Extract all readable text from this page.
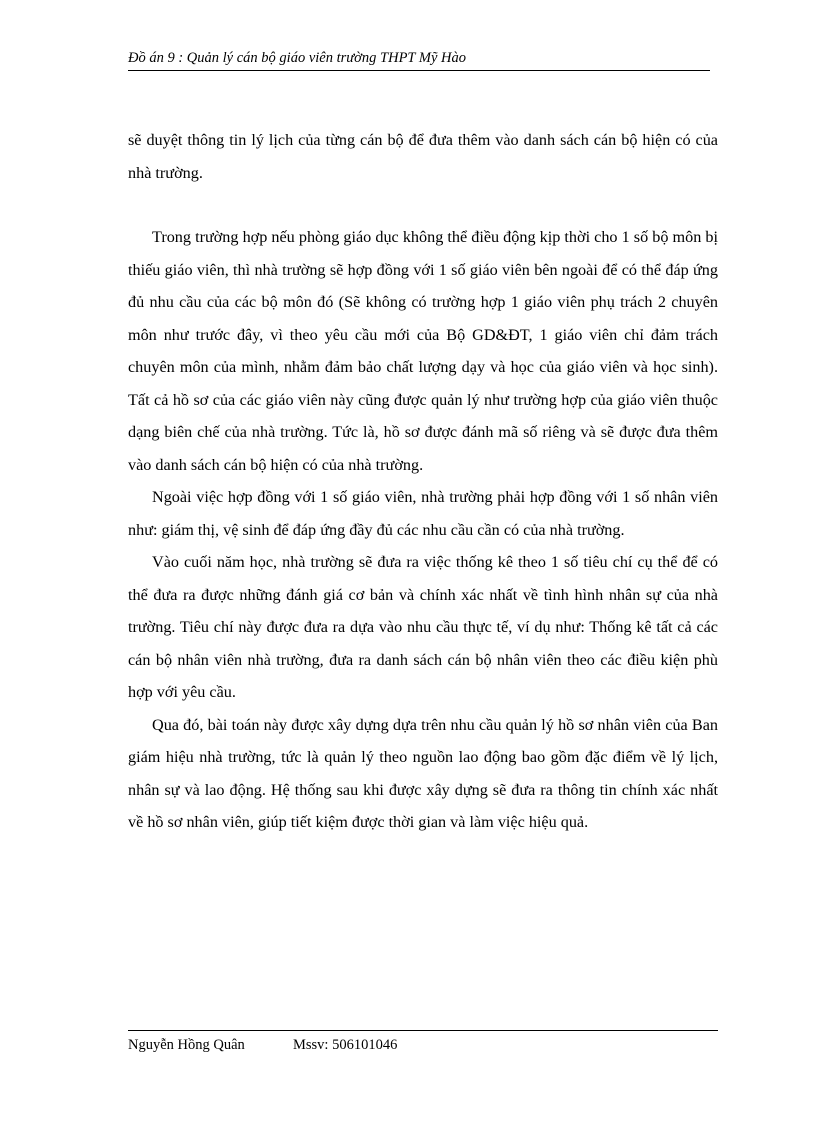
Đồ án 9 : Quản lý cán bộ giáo viên trường THPT Mỹ Hào

sẽ duyệt thông tin lý lịch của từng cán bộ để đưa thêm vào danh sách cán bộ hiện có của nhà trường.

Trong trường hợp nếu phòng giáo dục không thể điều động kịp thời cho 1 số bộ môn bị thiếu giáo viên, thì nhà trường sẽ hợp đồng với 1 số giáo viên bên ngoài để có thể đáp ứng đủ nhu cầu của các bộ môn đó (Sẽ không có trường hợp 1 giáo viên phụ trách 2 chuyên môn như trước đây, vì theo yêu cầu mới của Bộ GD&ĐT, 1 giáo viên chỉ đảm trách chuyên môn của mình, nhằm đảm bảo chất lượng dạy và học của giáo viên và học sinh). Tất cả hồ sơ của các giáo viên này cũng được quản lý như trường hợp của giáo viên thuộc dạng biên chế của nhà trường. Tức là, hồ sơ được đánh mã số riêng và sẽ được đưa thêm vào danh sách cán bộ hiện có của nhà trường.

Ngoài việc hợp đồng với 1 số giáo viên, nhà trường phải hợp đồng với 1 số nhân viên như: giám thị, vệ sinh để đáp ứng đầy đủ các nhu cầu cần có của nhà trường.

Vào cuối năm học, nhà trường sẽ đưa ra việc thống kê theo 1 số tiêu chí cụ thể để có thể đưa ra được những đánh giá cơ bản và chính xác nhất về tình hình nhân sự của nhà trường. Tiêu chí này được đưa ra dựa vào nhu cầu thực tế, ví dụ như: Thống kê tất cả các cán bộ nhân viên nhà trường, đưa ra danh sách cán bộ nhân viên theo các điều kiện phù hợp với yêu cầu.

Qua đó, bài toán này được xây dựng dựa trên nhu cầu quản lý hồ sơ nhân viên của Ban giám hiệu nhà trường, tức là quản lý theo nguồn lao động bao gồm đặc điểm về lý lịch, nhân sự và lao động. Hệ thống sau khi được xây dựng sẽ đưa ra thông tin chính xác nhất về hồ sơ nhân viên, giúp tiết kiệm được thời gian và làm việc hiệu quả.

Nguyễn Hồng Quân	Mssv: 506101046
